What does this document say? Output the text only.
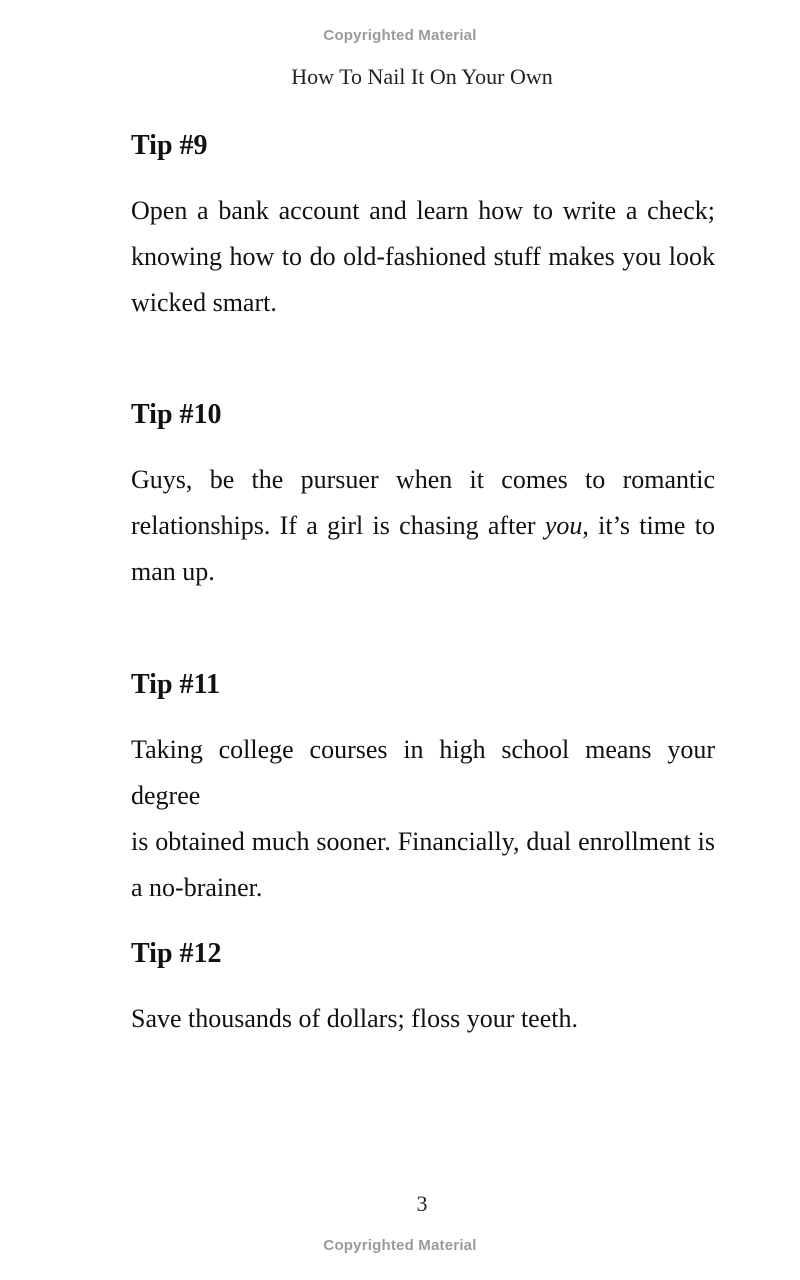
Copyrighted Material
How To Nail It On Your Own
Tip #9

Open a bank account and learn how to write a check;
knowing how to do old-fashioned stuff makes you look
wicked smart.

Tip #10

Guys, be the pursuer when it comes to romantic
relationships. If a girl is chasing after you, it’s time to
man up.

Tip #11

Taking college courses in high school means your degree
is obtained much sooner. Financially, dual enrollment is
a no-brainer.

Tip #12

Save thousands of dollars; floss your teeth.

3
Copyrighted Material
